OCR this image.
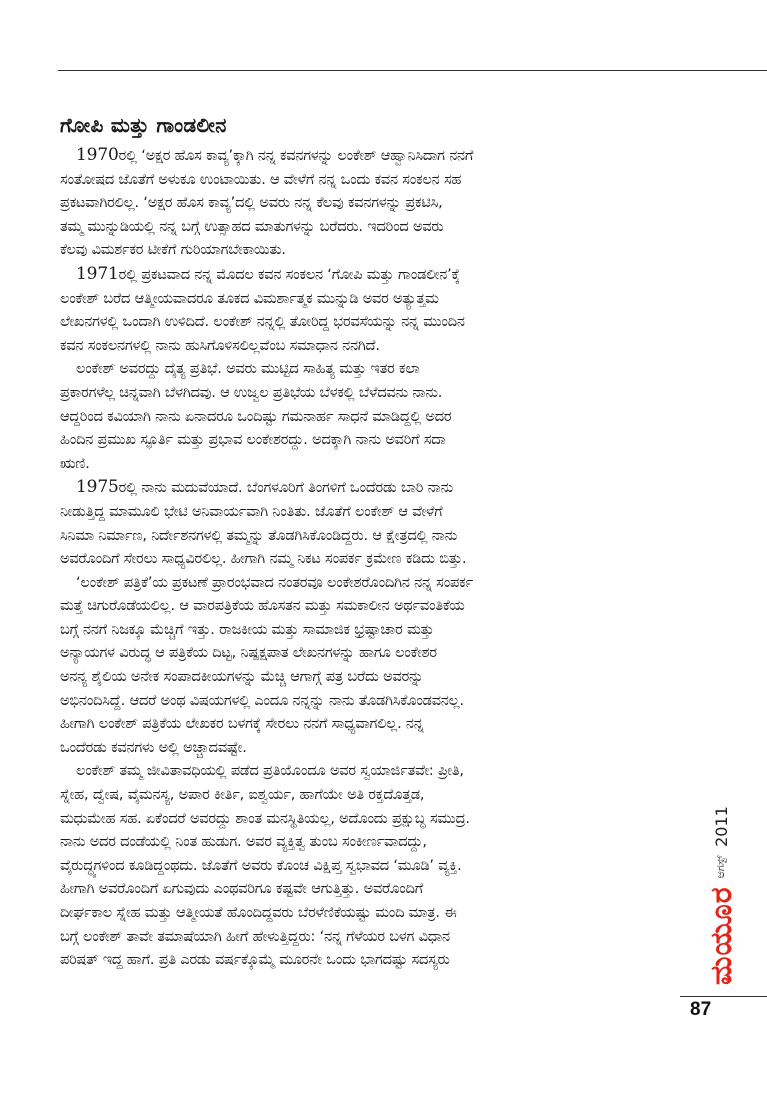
ಗೋಪಿ ಮತ್ತು ಗಾಂಡಲೀನ
1970ರಲ್ಲಿ ‘ಅಕ್ಷರ ಹೊಸ ಕಾವ್ಯ’ಕ್ಕಾಗಿ ನನ್ನ ಕವನಗಳನ್ನು ಲಂಕೇಶ್ ಆಹ್ವಾನಿಸಿದಾಗ ನನಗೆ
ಸಂತೋಷದ ಜೊತೆಗೆ ಅಳುಕೂ ಉಂಟಾಯಿತು. ಆ ವೇಳೆಗೆ ನನ್ನ ಒಂದು ಕವನ ಸಂಕಲನ ಸಹ
ಪ್ರಕಟವಾಗಿರಲಿಲ್ಲ. ‘ಅಕ್ಷರ ಹೊಸ ಕಾವ್ಯ’ದಲ್ಲಿ ಅವರು ನನ್ನ ಕೆಲವು ಕವನಗಳನ್ನು ಪ್ರಕಟಿಸಿ,
ತಮ್ಮ ಮುನ್ನುಡಿಯಲ್ಲಿ ನನ್ನ ಬಗ್ಗೆ ಉತ್ಸಾಹದ ಮಾತುಗಳನ್ನು ಬರೆದರು. ಇದರಿಂದ ಅವರು
ಕೆಲವು ವಿಮರ್ಶಕರ ಟೀಕೆಗೆ ಗುರಿಯಾಗಬೇಕಾಯಿತು.
1971ರಲ್ಲಿ ಪ್ರಕಟವಾದ ನನ್ನ ಮೊದಲ ಕವನ ಸಂಕಲನ ‘ಗೋಪಿ ಮತ್ತು ಗಾಂಡಲೀನ’ಕ್ಕೆ
ಲಂಕೇಶ್ ಬರೆದ ಆತ್ಮೀಯವಾದರೂ ತೂಕದ ವಿಮರ್ಶಾತ್ಮಕ ಮುನ್ನುಡಿ ಅವರ ಅತ್ಯುತ್ತಮ
ಲೇಖನಗಳಲ್ಲಿ ಒಂದಾಗಿ ಉಳಿದಿದೆ. ಲಂಕೇಶ್ ನನ್ನಲ್ಲಿ ತೋರಿದ್ದ ಭರವಸೆಯನ್ನು ನನ್ನ ಮುಂದಿನ
ಕವನ ಸಂಕಲನಗಳಲ್ಲಿ ನಾನು ಹುಸಿಗೊಳಿಸಲಿಲ್ಲವೆಂಬ ಸಮಾಧಾನ ನನಗಿದೆ.
ಲಂಕೇಶ್ ಅವರದ್ದು ದೈತ್ಯ ಪ್ರತಿಭೆ. ಅವರು ಮುಟ್ಟಿದ ಸಾಹಿತ್ಯ ಮತ್ತು ಇತರ ಕಲಾ
ಪ್ರಕಾರಗಳೆಲ್ಲ ಚಿನ್ನವಾಗಿ ಬೆಳಗಿದವು. ಆ ಉಜ್ವಲ ಪ್ರತಿಭೆಯ ಬೆಳಕಲ್ಲಿ ಬೆಳೆದವನು ನಾನು.
ಆದ್ದರಿಂದ ಕವಿಯಾಗಿ ನಾನು ಏನಾದರೂ ಒಂದಿಷ್ಟು ಗಮನಾರ್ಹ ಸಾಧನೆ ಮಾಡಿದ್ದಲ್ಲಿ ಅದರ
ಹಿಂದಿನ ಪ್ರಮುಖ ಸ್ಫೂರ್ತಿ ಮತ್ತು ಪ್ರಭಾವ ಲಂಕೇಶರದ್ದು. ಅದಕ್ಕಾಗಿ ನಾನು ಅವರಿಗೆ ಸದಾ
ಋಣಿ.
1975ರಲ್ಲಿ ನಾನು ಮದುವೆಯಾದೆ. ಬೆಂಗಳೂರಿಗೆ ತಿಂಗಳಿಗೆ ಒಂದೆರಡು ಬಾರಿ ನಾನು
ನೀಡುತ್ತಿದ್ದ ಮಾಮೂಲಿ ಭೇಟಿ ಅನಿವಾರ್ಯವಾಗಿ ನಿಂತಿತು. ಜೊತೆಗೆ ಲಂಕೇಶ್ ಆ ವೇಳೆಗೆ
ಸಿನಿಮಾ ನಿರ್ಮಾಣ, ನಿರ್ದೇಶನಗಳಲ್ಲಿ ತಮ್ಮನ್ನು ತೊಡಗಿಸಿಕೊಂಡಿದ್ದರು. ಆ ಕ್ಷೇತ್ರದಲ್ಲಿ ನಾನು
ಅವರೊಂದಿಗೆ ಸೇರಲು ಸಾಧ್ಯವಿರಲಿಲ್ಲ. ಹೀಗಾಗಿ ನಮ್ಮ ನಿಕಟ ಸಂಪರ್ಕ ಕ್ರಮೇಣ ಕಡಿದು ಬಿತ್ತು.
‘ಲಂಕೇಶ್ ಪತ್ರಿಕೆ’ಯ ಪ್ರಕಟಣೆ ಪ್ರಾರಂಭವಾದ ನಂತರವೂ ಲಂಕೇಶರೊಂದಿಗಿನ ನನ್ನ ಸಂಪರ್ಕ
ಮತ್ತೆ ಚಿಗುರೊಡೆಯಲಿಲ್ಲ. ಆ ವಾರಪತ್ರಿಕೆಯ ಹೊಸತನ ಮತ್ತು ಸಮಕಾಲೀನ ಅರ್ಥವಂತಿಕೆಯ
ಬಗ್ಗೆ ನನಗೆ ನಿಜಕ್ಕೂ ಮೆಚ್ಚಿಗೆ ಇತ್ತು. ರಾಜಕೀಯ ಮತ್ತು ಸಾಮಾಜಿಕ ಭ್ರಷ್ಟಾಚಾರ ಮತ್ತು
ಅನ್ಯಾಯಗಳ ವಿರುದ್ಧ ಆ ಪತ್ರಿಕೆಯ ದಿಟ್ಟ, ನಿಷ್ಪಕ್ಷಪಾತ ಲೇಖನಗಳನ್ನು ಹಾಗೂ ಲಂಕೇಶರ
ಅನನ್ಯ ಶೈಲಿಯ ಅನೇಕ ಸಂಪಾದಕೀಯಗಳನ್ನು ಮೆಚ್ಚಿ ಆಗಾಗ್ಗೆ ಪತ್ರ ಬರೆದು ಅವರನ್ನು
ಅಭಿನಂದಿಸಿದ್ದೆ. ಆದರೆ ಅಂಥ ವಿಷಯಗಳಲ್ಲಿ ಎಂದೂ ನನ್ನನ್ನು ನಾನು ತೊಡಗಿಸಿಕೊಂಡವನಲ್ಲ.
ಹೀಗಾಗಿ ಲಂಕೇಶ್ ಪತ್ರಿಕೆಯ ಲೇಖಕರ ಬಳಗಕ್ಕೆ ಸೇರಲು ನನಗೆ ಸಾಧ್ಯವಾಗಲಿಲ್ಲ. ನನ್ನ
ಒಂದೆರಡು ಕವನಗಳು ಅಲ್ಲಿ ಅಚ್ಚಾದವಷ್ಟೇ.
ಲಂಕೇಶ್ ತಮ್ಮ ಜೀವಿತಾವಧಿಯಲ್ಲಿ ಪಡೆದ ಪ್ರತಿಯೊಂದೂ ಅವರ ಸ್ವಯಾರ್ಜಿತವೇ: ಪ್ರೀತಿ,
ಸ್ನೇಹ, ದ್ವೇಷ, ವೈಮನಸ್ಯ, ಅಪಾರ ಕೀರ್ತಿ, ಐಶ್ವರ್ಯ, ಹಾಗೆಯೇ ಅತಿ ರಕ್ತದೊತ್ತಡ,
ಮಧುಮೇಹ ಸಹ. ಏಕೆಂದರೆ ಅವರದ್ದು ಶಾಂತ ಮನಸ್ಥಿತಿಯಲ್ಲ, ಅದೊಂದು ಪ್ರಕ್ಷುಬ್ಧ ಸಮುದ್ರ.
ನಾನು ಅದರ ದಂಡೆಯಲ್ಲಿ ನಿಂತ ಹುಡುಗ. ಅವರ ವ್ಯಕ್ತಿತ್ವ ತುಂಬ ಸಂಕೀರ್ಣವಾದದ್ದು,
ವೈರುದ್ಧ್ಯಗಳಿಂದ ಕೂಡಿದ್ದಂಥದು. ಜೊತೆಗೆ ಅವರು ಕೊಂಚ ವಿಕ್ಷಿಪ್ತ ಸ್ವಭಾವದ ‘ಮೂಡಿ’ ವ್ಯಕ್ತಿ.
ಹೀಗಾಗಿ ಅವರೊಂದಿಗೆ ಏಗುವುದು ಎಂಥವರಿಗೂ ಕಷ್ಟವೇ ಆಗುತ್ತಿತ್ತು. ಅವರೊಂದಿಗೆ
ದೀರ್ಘಕಾಲ ಸ್ನೇಹ ಮತ್ತು ಆತ್ಮೀಯತೆ ಹೊಂದಿದ್ದವರು ಬೆರಳೆಣಿಕೆಯಷ್ಟು ಮಂದಿ ಮಾತ್ರ. ಈ
ಬಗ್ಗೆ ಲಂಕೇಶ್ ತಾವೇ ತಮಾಷೆಯಾಗಿ ಹೀಗೆ ಹೇಳುತ್ತಿದ್ದರು: ‘ನನ್ನ ಗೆಳೆಯರ ಬಳಗ ವಿಧಾನ
ಪರಿಷತ್ ಇದ್ದ ಹಾಗೆ. ಪ್ರತಿ ಎರಡು ವರ್ಷಕ್ಕೊಮ್ಮೆ ಮೂರನೇ ಒಂದು ಭಾಗದಷ್ಟು ಸದಸ್ಯರು	ಮಯೂರ
ಆಗಸ್ಟ್
2011
87
